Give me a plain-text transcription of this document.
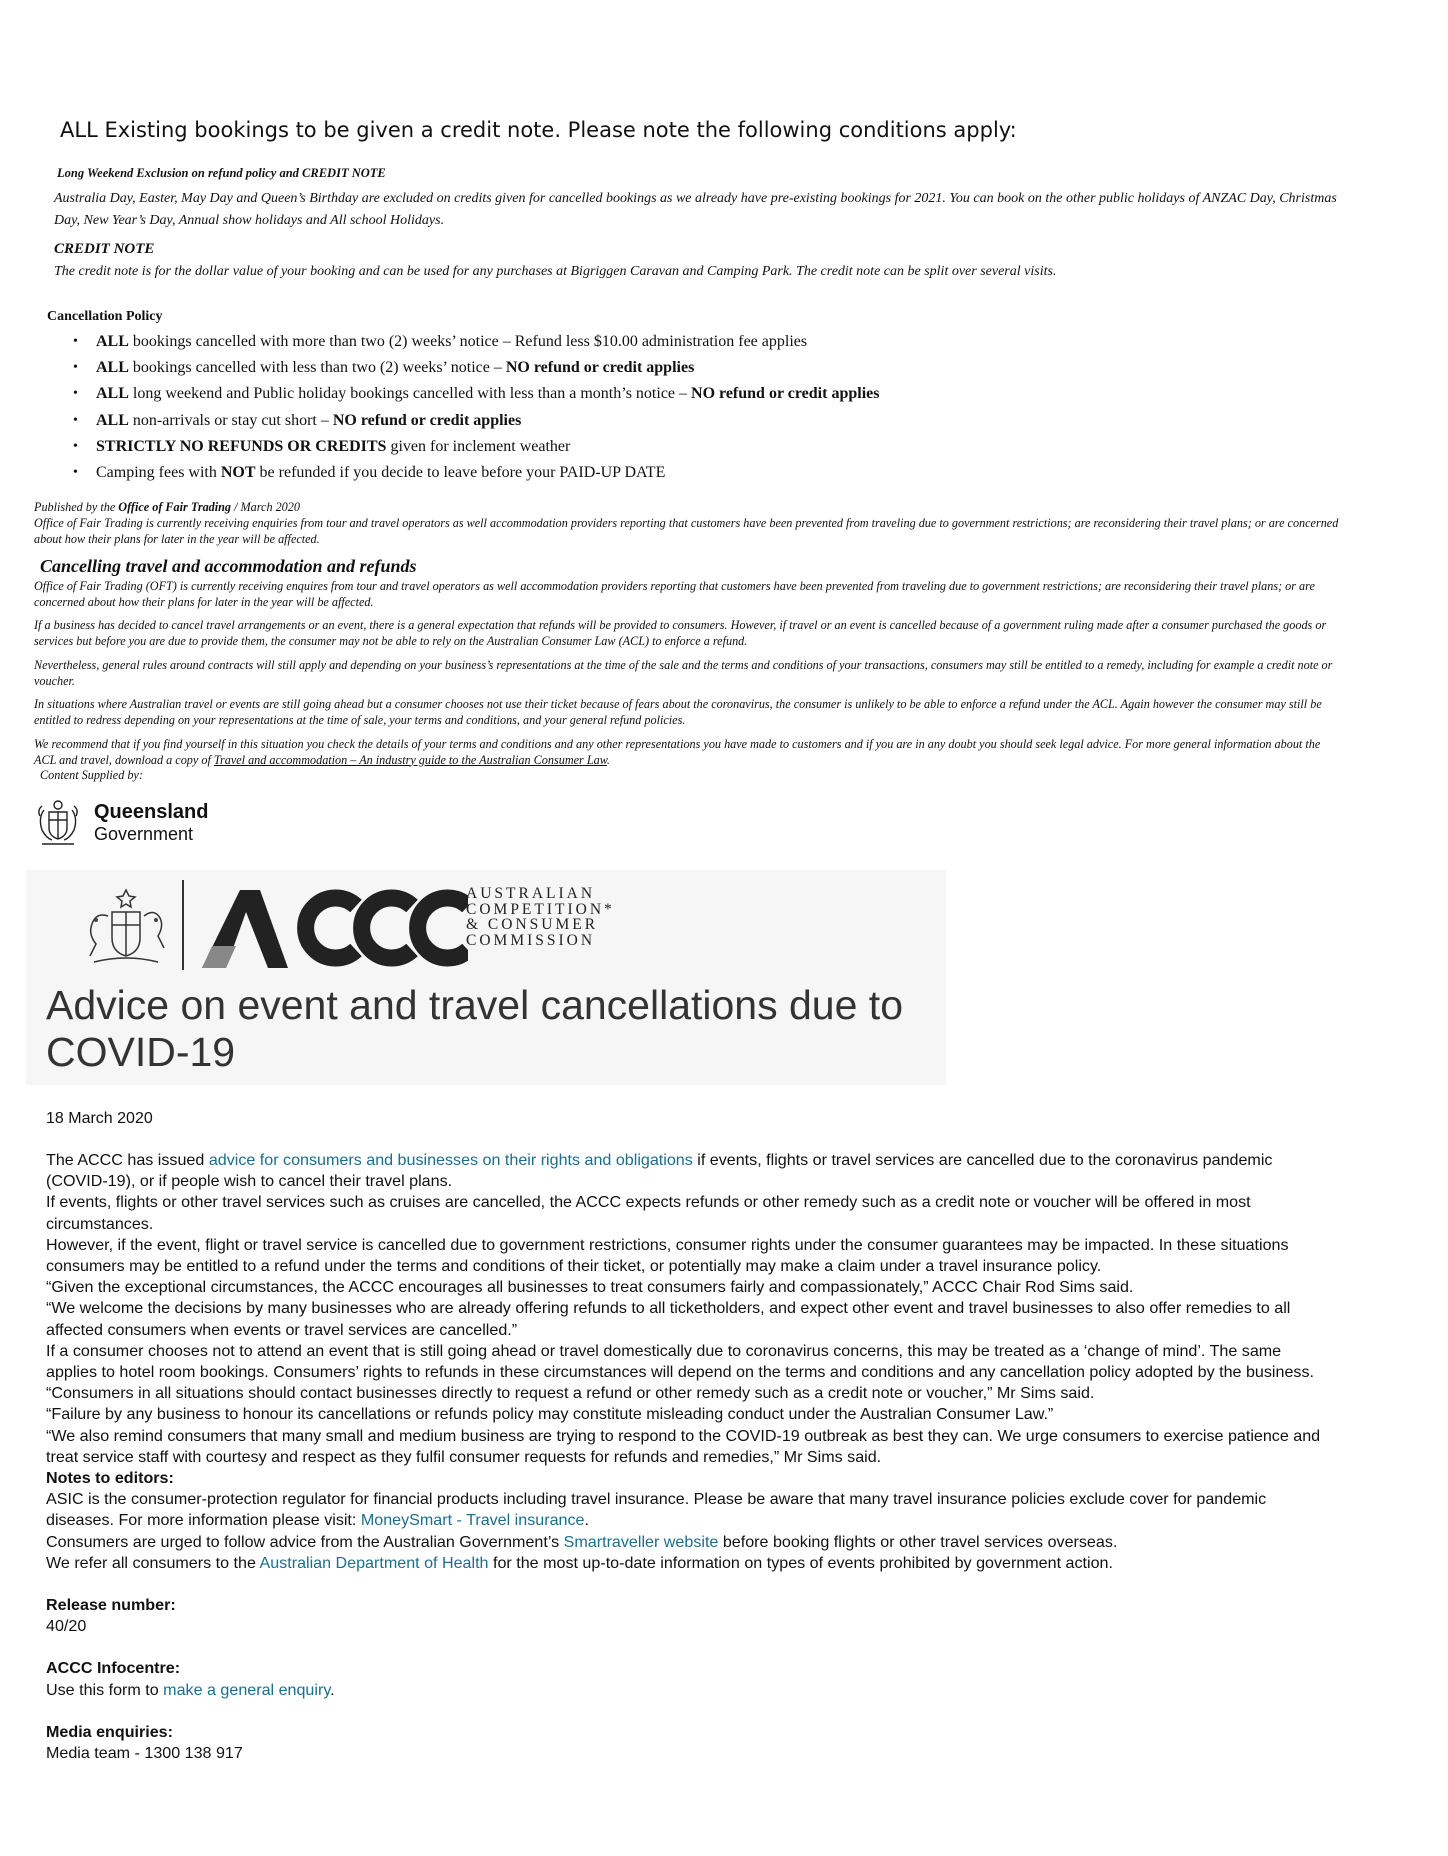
ALL Existing bookings to be given a credit note. Please note the following conditions apply:
Long Weekend Exclusion on refund policy and CREDIT NOTE
Australia Day, Easter, May Day and Queen’s Birthday are excluded on credits given for cancelled bookings as we already have pre-existing bookings for 2021. You can book on the other public holidays of ANZAC Day, Christmas Day, New Year’s Day, Annual show holidays and All school Holidays.
CREDIT NOTE
The credit note is for the dollar value of your booking and can be used for any purchases at Bigriggen Caravan and Camping Park. The credit note can be split over several visits.
Cancellation Policy
• ALL bookings cancelled with more than two (2) weeks’ notice – Refund less $10.00 administration fee applies
• ALL bookings cancelled with less than two (2) weeks’ notice – NO refund or credit applies
• ALL long weekend and Public holiday bookings cancelled with less than a month’s notice – NO refund or credit applies
• ALL non-arrivals or stay cut short – NO refund or credit applies
• STRICTLY NO REFUNDS OR CREDITS given for inclement weather
• Camping fees with NOT be refunded if you decide to leave before your PAID-UP DATE
Published by the Office of Fair Trading / March 2020
Office of Fair Trading is currently receiving enquiries from tour and travel operators as well accommodation providers reporting that customers have been prevented from traveling due to government restrictions; are reconsidering their travel plans; or are concerned about how their plans for later in the year will be affected.
Cancelling travel and accommodation and refunds
Office of Fair Trading (OFT) is currently receiving enquires from tour and travel operators as well accommodation providers reporting that customers have been prevented from traveling due to government restrictions; are reconsidering their travel plans; or are concerned about how their plans for later in the year will be affected.
If a business has decided to cancel travel arrangements or an event, there is a general expectation that refunds will be provided to consumers. However, if travel or an event is cancelled because of a government ruling made after a consumer purchased the goods or services but before you are due to provide them, the consumer may not be able to rely on the Australian Consumer Law (ACL) to enforce a refund.
Nevertheless, general rules around contracts will still apply and depending on your business’s representations at the time of the sale and the terms and conditions of your transactions, consumers may still be entitled to a remedy, including for example a credit note or voucher.
In situations where Australian travel or events are still going ahead but a consumer chooses not use their ticket because of fears about the coronavirus, the consumer is unlikely to be able to enforce a refund under the ACL. Again however the consumer may still be entitled to redress depending on your representations at the time of sale, your terms and conditions, and your general refund policies.
We recommend that if you find yourself in this situation you check the details of your terms and conditions and any other representations you have made to customers and if you are in any doubt you should seek legal advice. For more general information about the ACL and travel, download a copy of Travel and accommodation – An industry guide to the Australian Consumer Law.
Content Supplied by:
Queensland
Government
AUSTRALIAN
COMPETITION*
& CONSUMER
COMMISSION
Advice on event and travel cancellations due to COVID-19
18 March 2020

The ACCC has issued advice for consumers and businesses on their rights and obligations if events, flights or travel services are cancelled due to the coronavirus pandemic (COVID-19), or if people wish to cancel their travel plans.

If events, flights or other travel services such as cruises are cancelled, the ACCC expects refunds or other remedy such as a credit note or voucher will be offered in most circumstances.

However, if the event, flight or travel service is cancelled due to government restrictions, consumer rights under the consumer guarantees may be impacted. In these situations consumers may be entitled to a refund under the terms and conditions of their ticket, or potentially may make a claim under a travel insurance policy.

“Given the exceptional circumstances, the ACCC encourages all businesses to treat consumers fairly and compassionately,” ACCC Chair Rod Sims said.

“We welcome the decisions by many businesses who are already offering refunds to all ticketholders, and expect other event and travel businesses to also offer remedies to all affected consumers when events or travel services are cancelled.”

If a consumer chooses not to attend an event that is still going ahead or travel domestically due to coronavirus concerns, this may be treated as a ‘change of mind’. The same applies to hotel room bookings. Consumers’ rights to refunds in these circumstances will depend on the terms and conditions and any cancellation policy adopted by the business.

“Consumers in all situations should contact businesses directly to request a refund or other remedy such as a credit note or voucher,” Mr Sims said.

“Failure by any business to honour its cancellations or refunds policy may constitute misleading conduct under the Australian Consumer Law.”

“We also remind consumers that many small and medium business are trying to respond to the COVID-19 outbreak as best they can. We urge consumers to exercise patience and treat service staff with courtesy and respect as they fulfil consumer requests for refunds and remedies,” Mr Sims said.

Notes to editors:

ASIC is the consumer-protection regulator for financial products including travel insurance. Please be aware that many travel insurance policies exclude cover for pandemic diseases. For more information please visit: MoneySmart - Travel insurance.

Consumers are urged to follow advice from the Australian Government’s Smartraveller website before booking flights or other travel services overseas.

We refer all consumers to the Australian Department of Health for the most up-to-date information on types of events prohibited by government action.

Release number:

40/20

ACCC Infocentre:

Use this form to make a general enquiry.

Media enquiries:

Media team - 1300 138 917
